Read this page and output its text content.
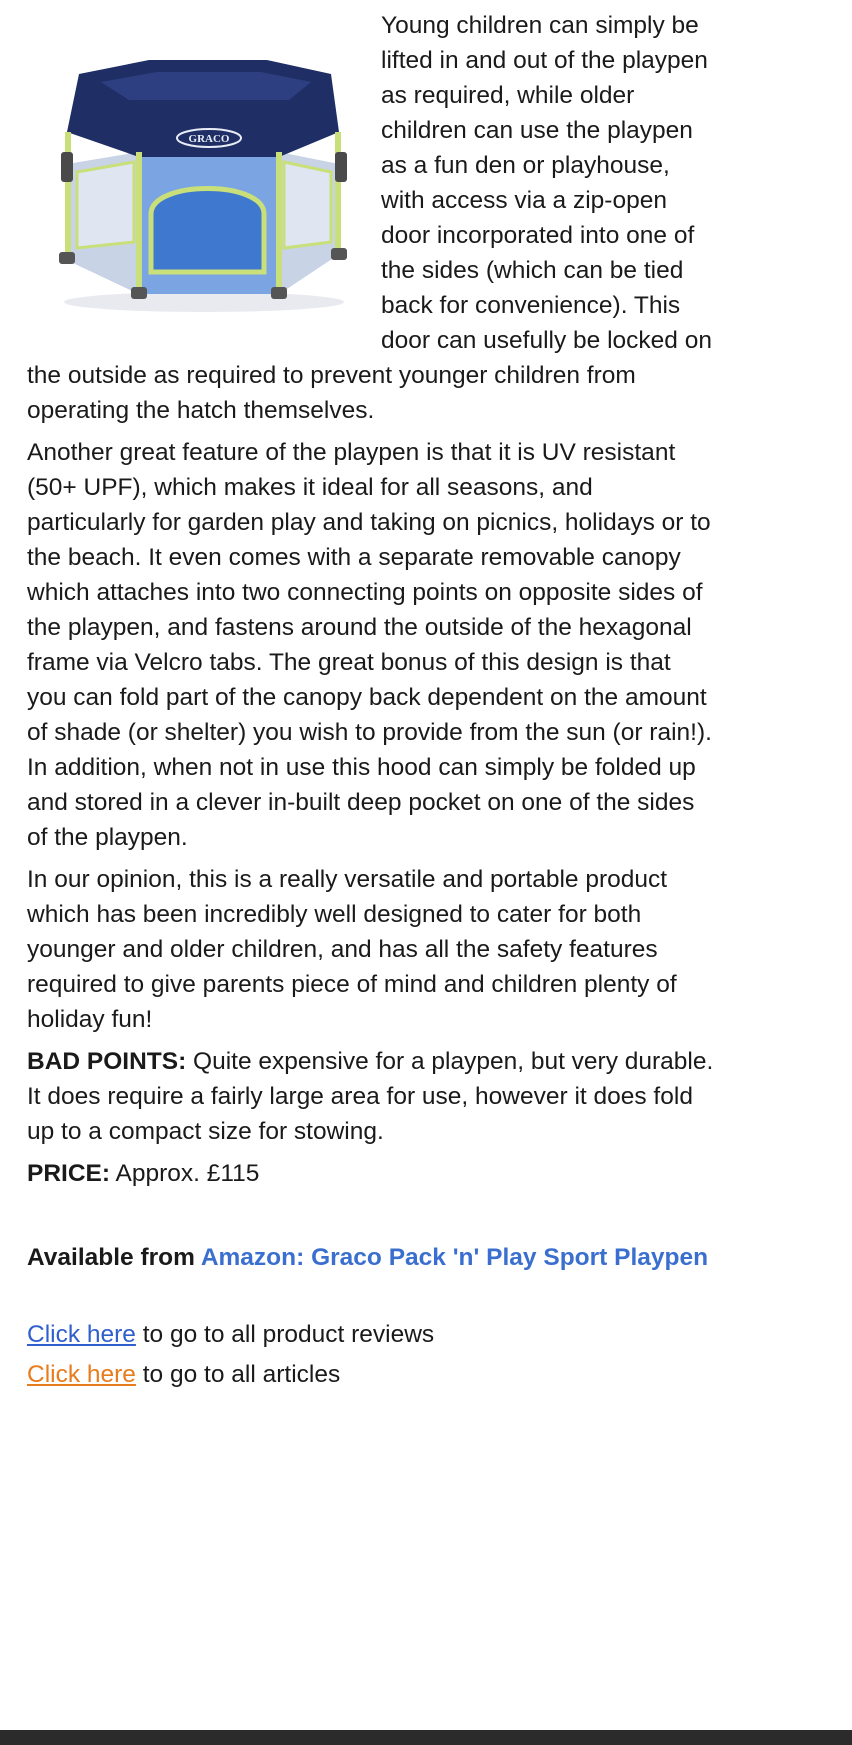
GRACO

Young children can simply be lifted in and out of the playpen as required, while older children can use the playpen as a fun den or playhouse, with access via a zip-open door incorporated into one of the sides (which can be tied back for convenience). This door can usefully be locked on the outside as required to prevent younger children from operating the hatch themselves.

Another great feature of the playpen is that it is UV resistant (50+ UPF), which makes it ideal for all seasons, and particularly for garden play and taking on picnics, holidays or to the beach. It even comes with a separate removable canopy which attaches into two connecting points on opposite sides of the playpen, and fastens around the outside of the hexagonal frame via Velcro tabs. The great bonus of this design is that you can fold part of the canopy back dependent on the amount of shade (or shelter) you wish to provide from the sun (or rain!). In addition, when not in use this hood can simply be folded up and stored in a clever in-built deep pocket on one of the sides of the playpen.

In our opinion, this is a really versatile and portable product which has been incredibly well designed to cater for both younger and older children, and has all the safety features required to give parents piece of mind and children plenty of holiday fun!

BAD POINTS: Quite expensive for a playpen, but very durable. It does require a fairly large area for use, however it does fold up to a compact size for stowing.

PRICE: Approx. £115

Available from Amazon: Graco Pack 'n' Play Sport Playpen

Click here to go to all product reviews

Click here to go to all articles
